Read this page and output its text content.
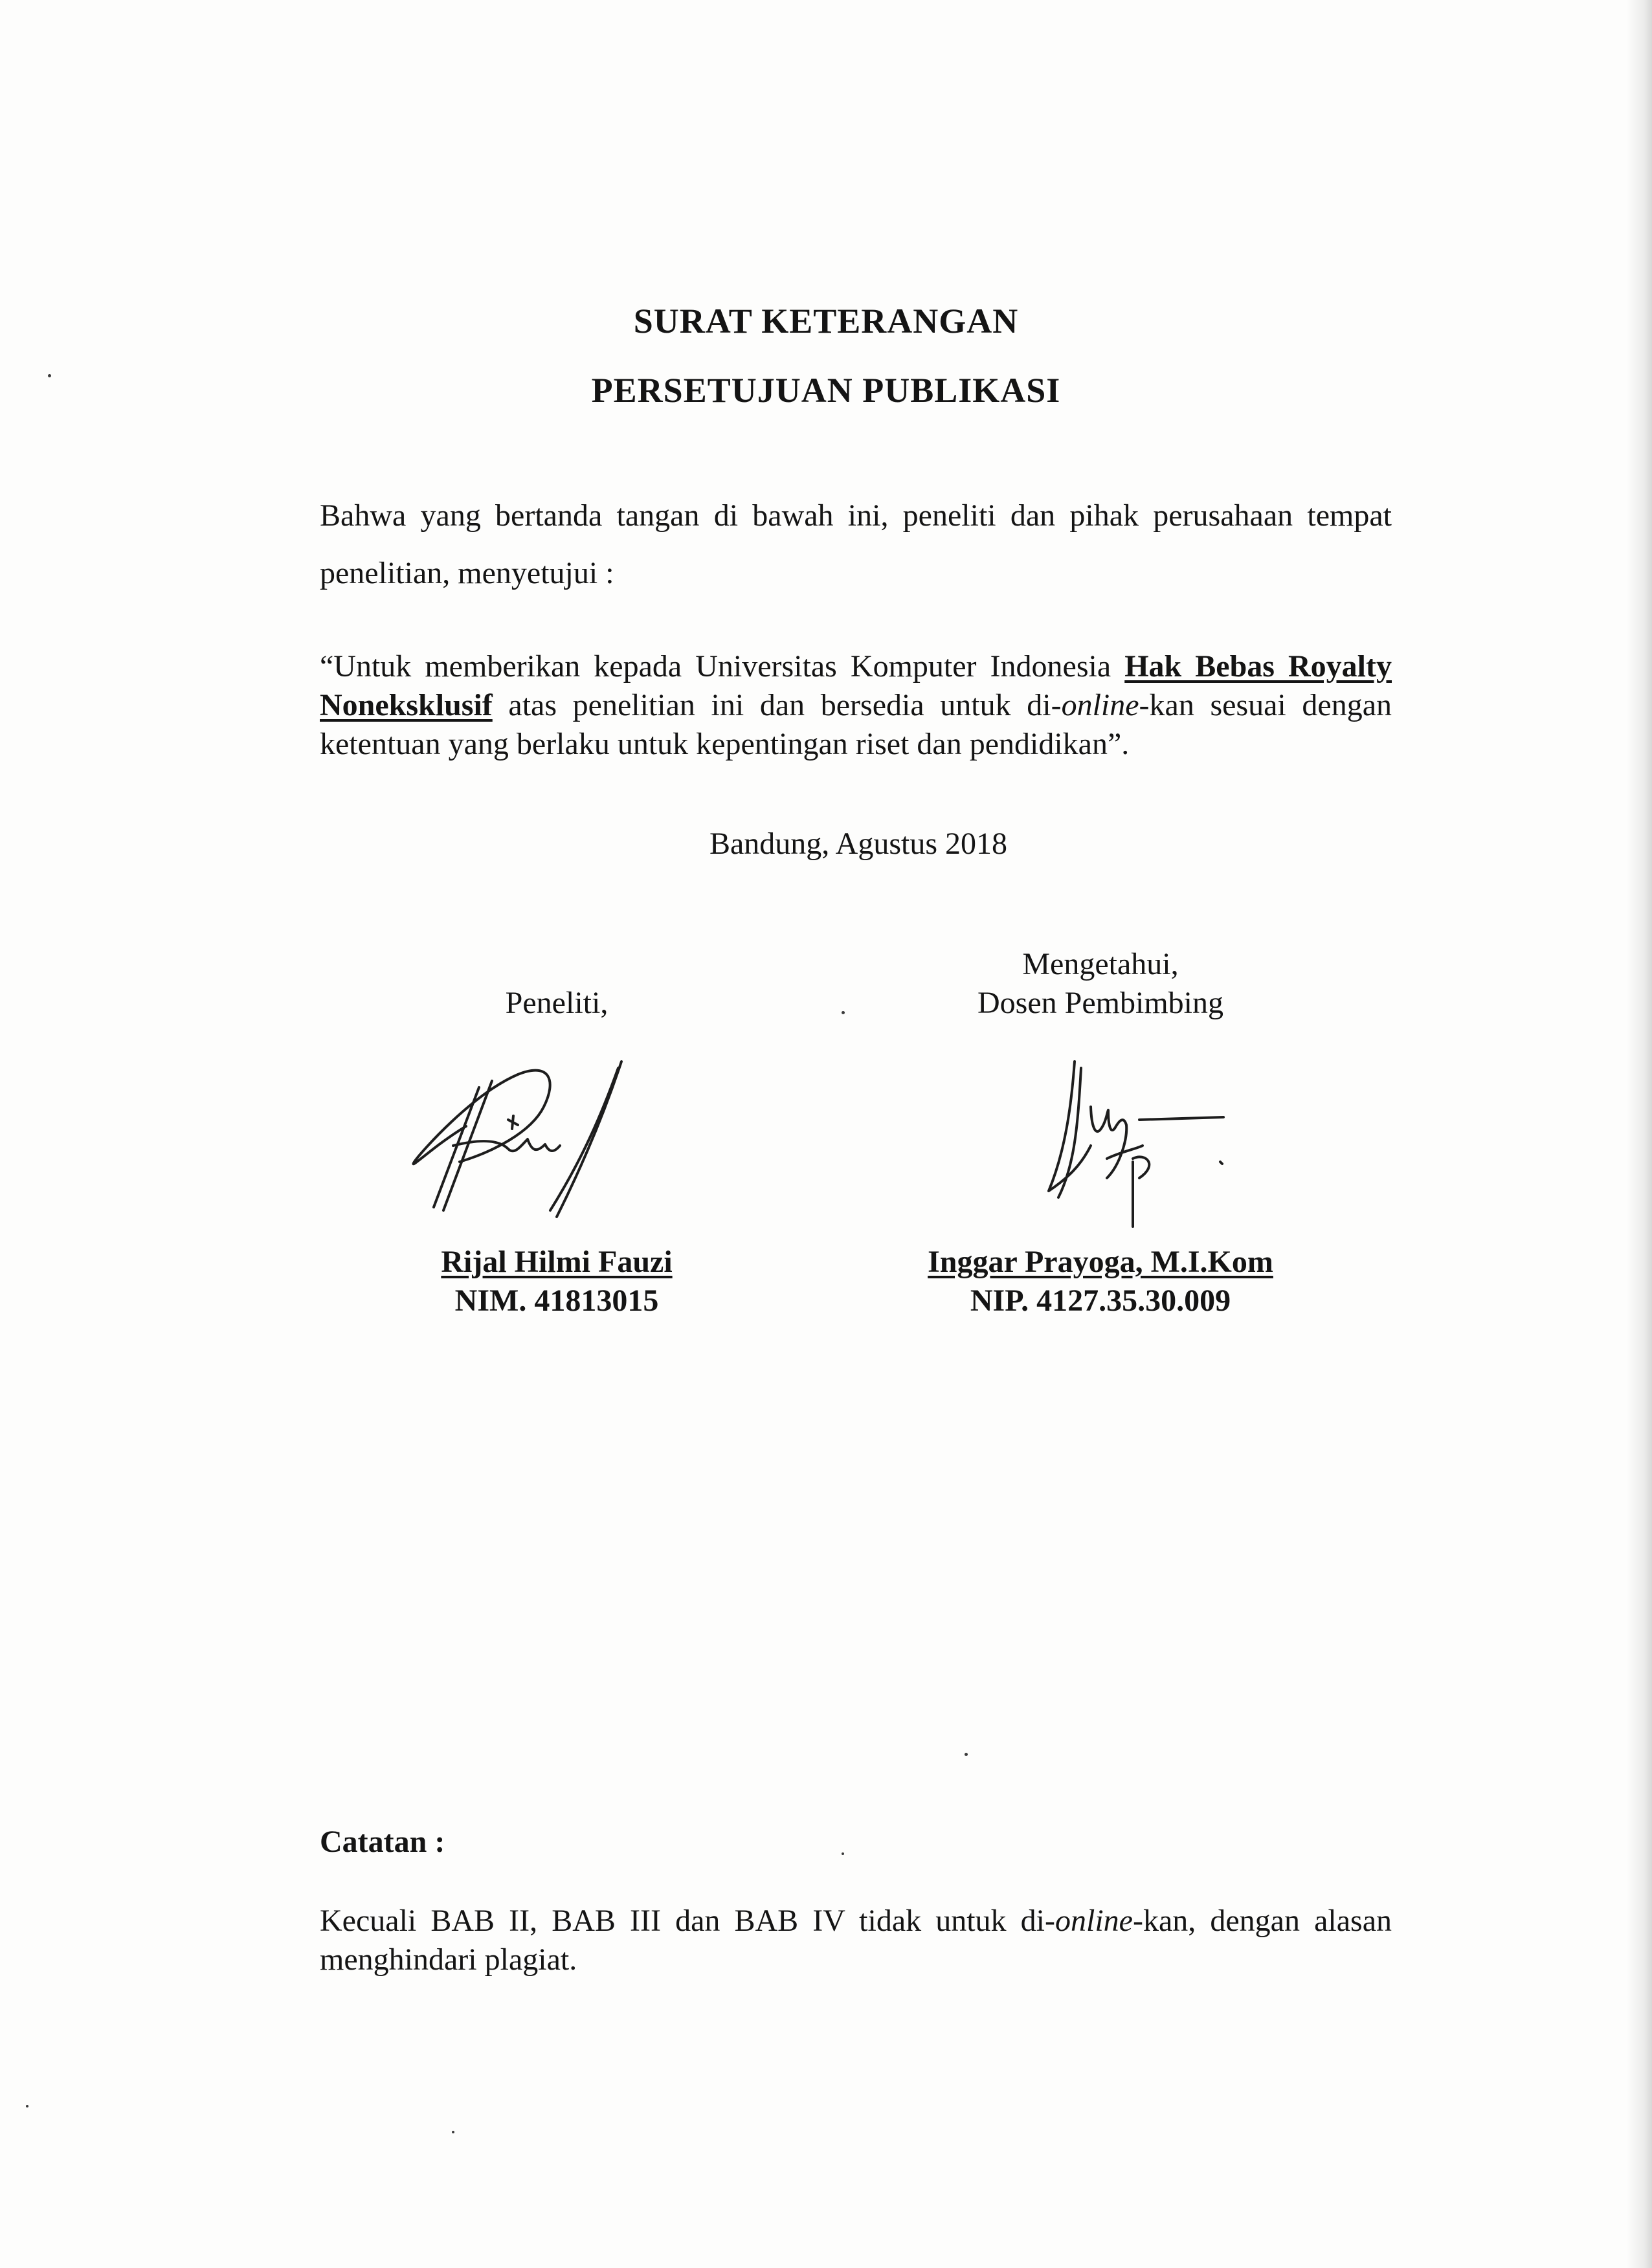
SURAT KETERANGAN
PERSETUJUAN PUBLIKASI
Bahwa yang bertanda tangan di bawah ini, peneliti dan pihak perusahaan tempat
penelitian, menyetujui :
“Untuk memberikan kepada Universitas Komputer Indonesia Hak Bebas Royalty Noneksklusif atas penelitian ini dan bersedia untuk di-online-kan sesuai dengan ketentuan yang berlaku untuk kepentingan riset dan pendidikan”.
Bandung, Agustus 2018
Peneliti,
Rijal Hilmi Fauzi
NIM. 41813015
Mengetahui,
Dosen Pembimbing
Inggar Prayoga, M.I.Kom
NIP. 4127.35.30.009
Catatan :
Kecuali BAB II, BAB III dan BAB IV tidak untuk di-online-kan, dengan alasan menghindari plagiat.
